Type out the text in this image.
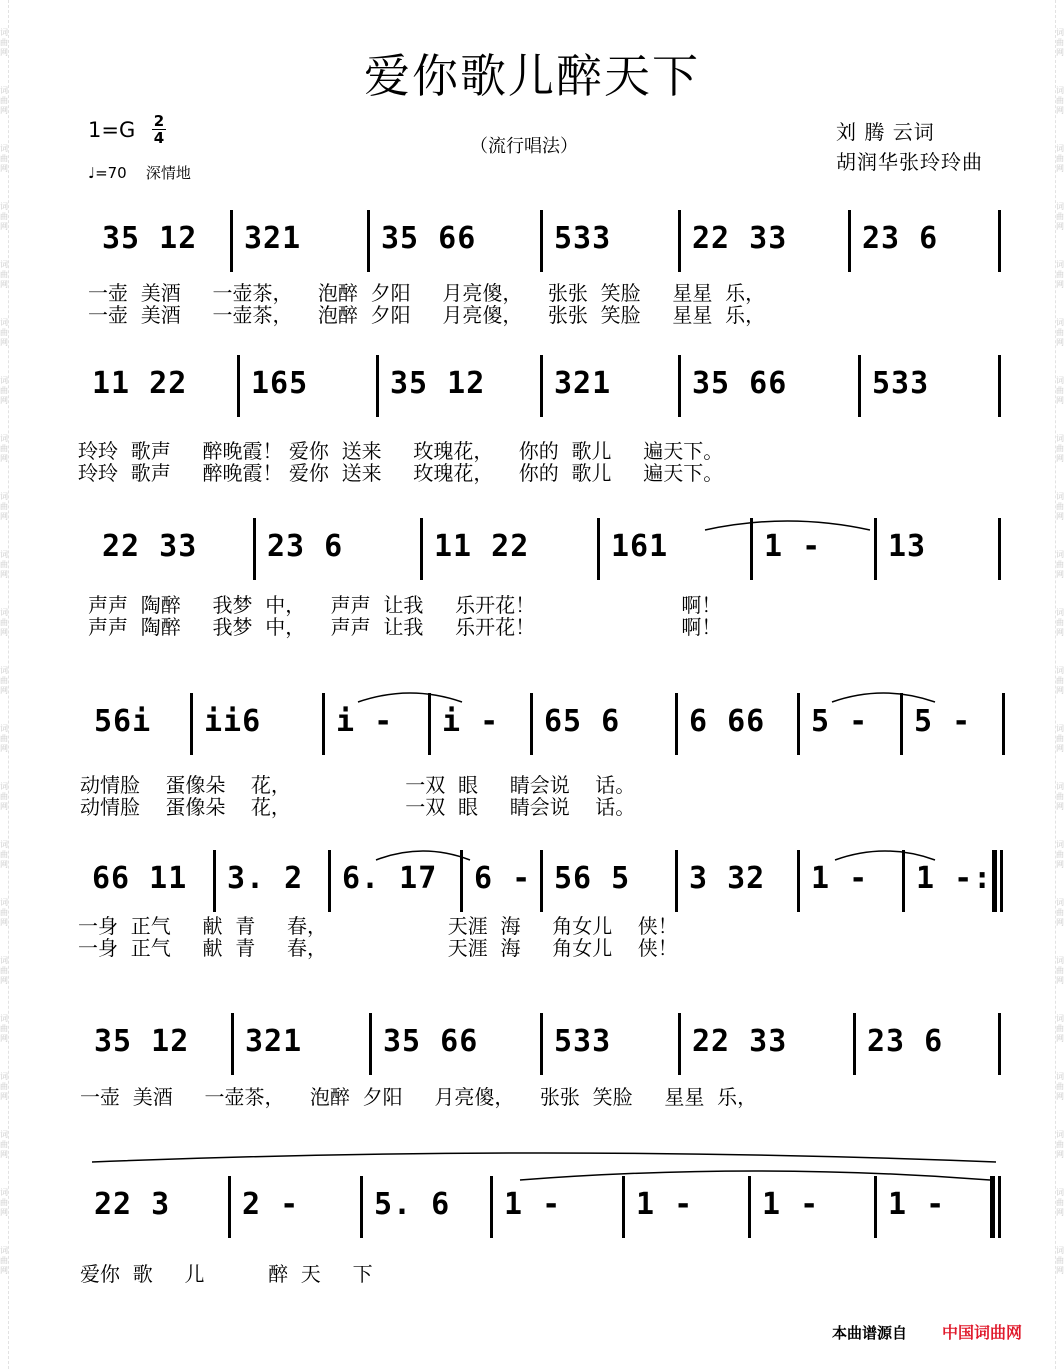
词曲网
词曲网
词曲网
词曲网
词曲网
词曲网
词曲网
词曲网
词曲网
词曲网
词曲网
词曲网
词曲网
词曲网
词曲网
词曲网
词曲网
词曲网
词曲网
词曲网
词曲网
词曲网
词曲网
词曲网
词曲网
词曲网
词曲网
词曲网
词曲网
词曲网
词曲网
词曲网
词曲网
词曲网
词曲网
词曲网
词曲网
词曲网
词曲网
词曲网
词曲网
词曲网
词曲网
词曲网
爱你歌儿醉天下
1=G 2
4
♩=70 深情地
（流行唱法）
刘 腾 云词
胡润华张玲玲曲
35 12	321	35 66	533	22 33	23 6
一壶  美酒     一壶茶，    泡醉  夕阳     月亮傻，    张张  笑脸     星星  乐，
一壶  美酒     一壶茶，    泡醉  夕阳     月亮傻，    张张  笑脸     星星  乐，
11 22	165	35 12	321	35 66	533
玲玲  歌声     醉晚霞！ 爱你  送来     玫瑰花，    你的  歌儿     遍天下。
玲玲  歌声     醉晚霞！ 爱你  送来     玫瑰花，    你的  歌儿     遍天下。
22 33	23 6	11 22	161	1 -	13
声声  陶醉     我梦  中，    声声  让我     乐开花！                       啊！
声声  陶醉     我梦  中，    声声  让我     乐开花！                       啊！
56i	ii6	i -	i -	65 6	6 66	5 -	5 -
动情脸    蛋像朵    花，                  一双  眼     睛会说    话。
动情脸    蛋像朵    花，                  一双  眼     睛会说    话。
66 11	3. 2	6. 17	6 - 56 5	3 32	1 -	1 -:
一身  正气     献  青     春，                   天涯  海     角女儿    侠！
一身  正气     献  青     春，                   天涯  海     角女儿    侠！
35 12	321	35 66	533	22 33	23 6
一壶  美酒     一壶茶，    泡醉  夕阳     月亮傻，    张张  笑脸     星星  乐，
22 3	2 -	5. 6	1 -	1 -	1 -	1 -
爱你  歌     儿          醉  天     下
本曲谱源自 中国词曲网
